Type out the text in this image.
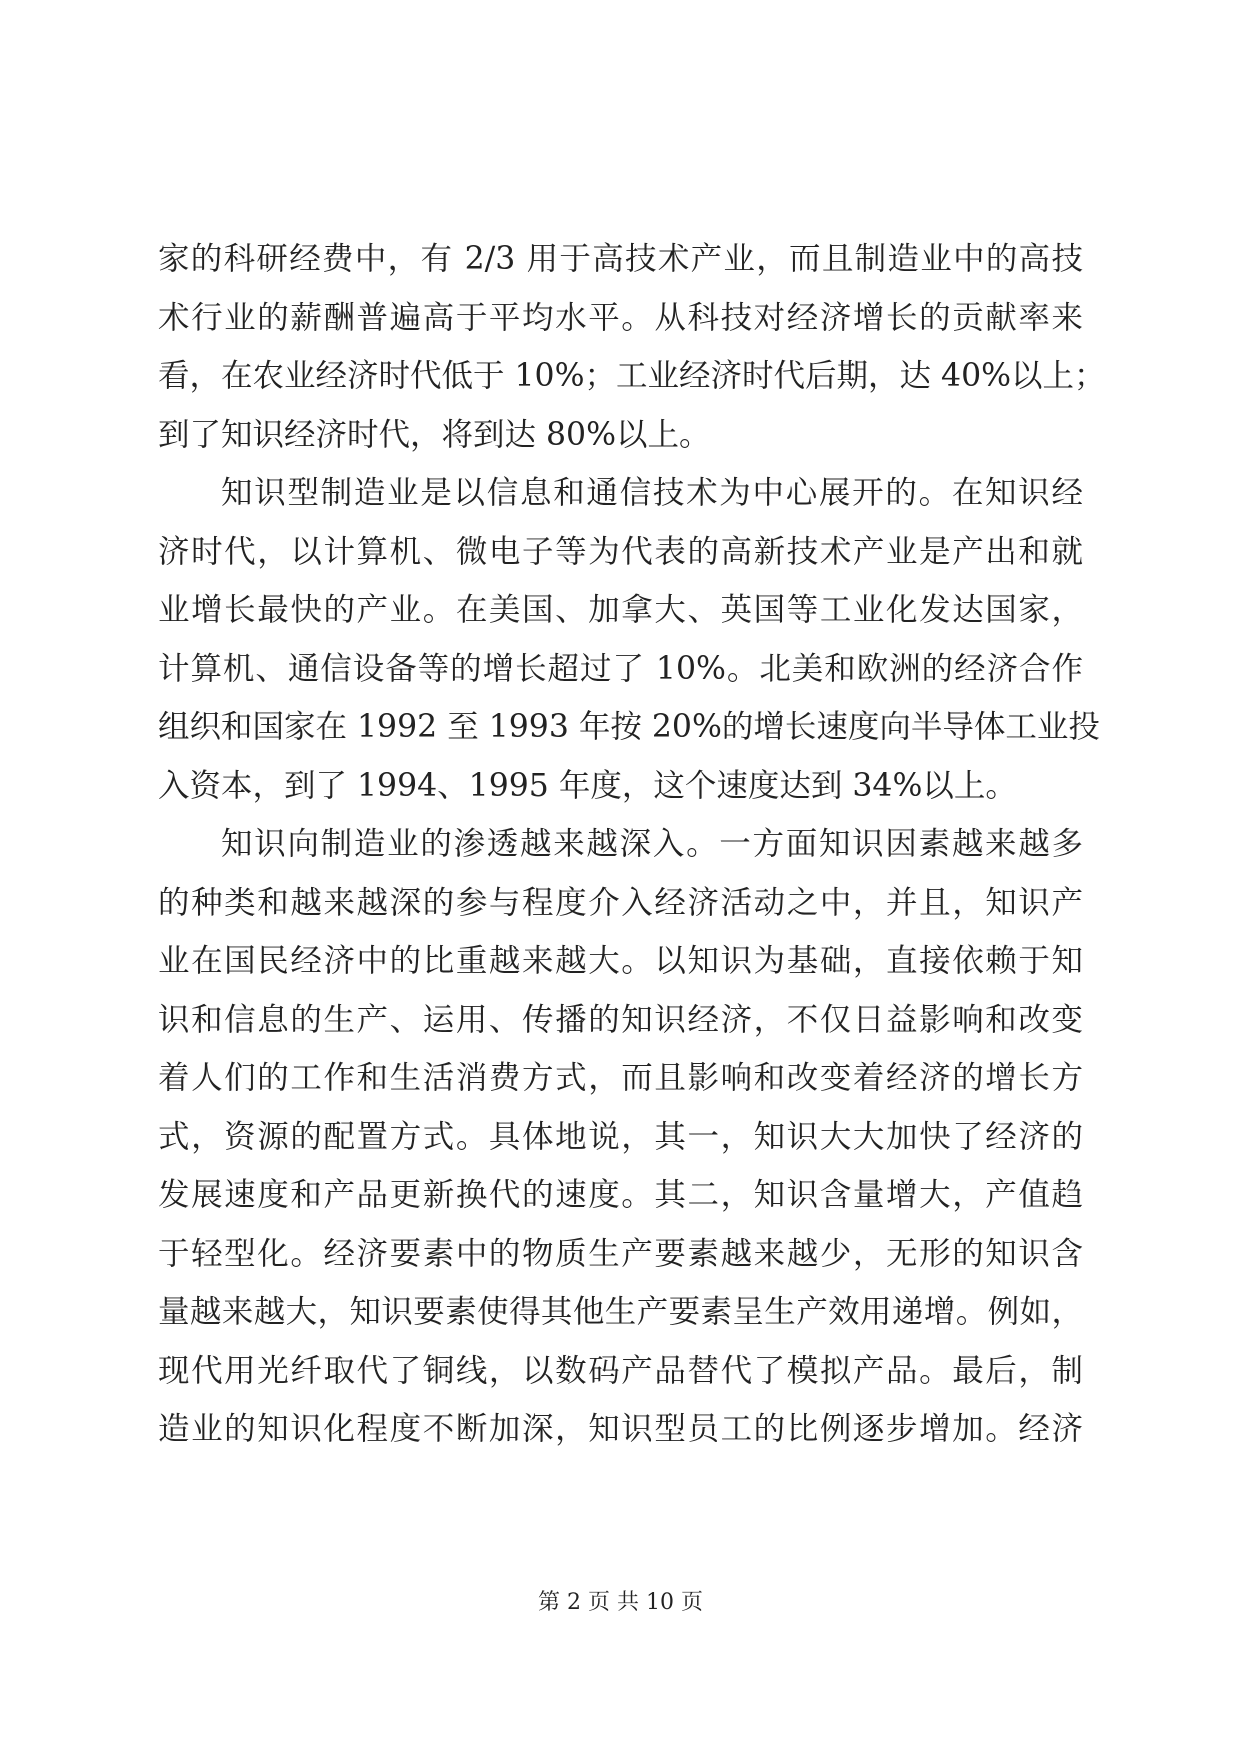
家的科研经费中，有 2/3 用于高技术产业，而且制造业中的高技
术行业的薪酬普遍高于平均水平。从科技对经济增长的贡献率来
看，在农业经济时代低于 10%；工业经济时代后期，达 40%以上；
到了知识经济时代，将到达 80%以上。

知识型制造业是以信息和通信技术为中心展开的。在知识经
济时代，以计算机、微电子等为代表的高新技术产业是产出和就
业增长最快的产业。在美国、加拿大、英国等工业化发达国家，
计算机、通信设备等的增长超过了 10%。北美和欧洲的经济合作
组织和国家在 1992 至 1993 年按 20%的增长速度向半导体工业投
入资本，到了 1994、1995 年度，这个速度达到 34%以上。

知识向制造业的渗透越来越深入。一方面知识因素越来越多
的种类和越来越深的参与程度介入经济活动之中，并且，知识产
业在国民经济中的比重越来越大。以知识为基础，直接依赖于知
识和信息的生产、运用、传播的知识经济，不仅日益影响和改变
着人们的工作和生活消费方式，而且影响和改变着经济的增长方
式，资源的配置方式。具体地说，其一，知识大大加快了经济的
发展速度和产品更新换代的速度。其二，知识含量增大，产值趋
于轻型化。经济要素中的物质生产要素越来越少，无形的知识含
量越来越大，知识要素使得其他生产要素呈生产效用递增。例如，
现代用光纤取代了铜线，以数码产品替代了模拟产品。最后，制
造业的知识化程度不断加深，知识型员工的比例逐步增加。经济

第 2 页 共 10 页
